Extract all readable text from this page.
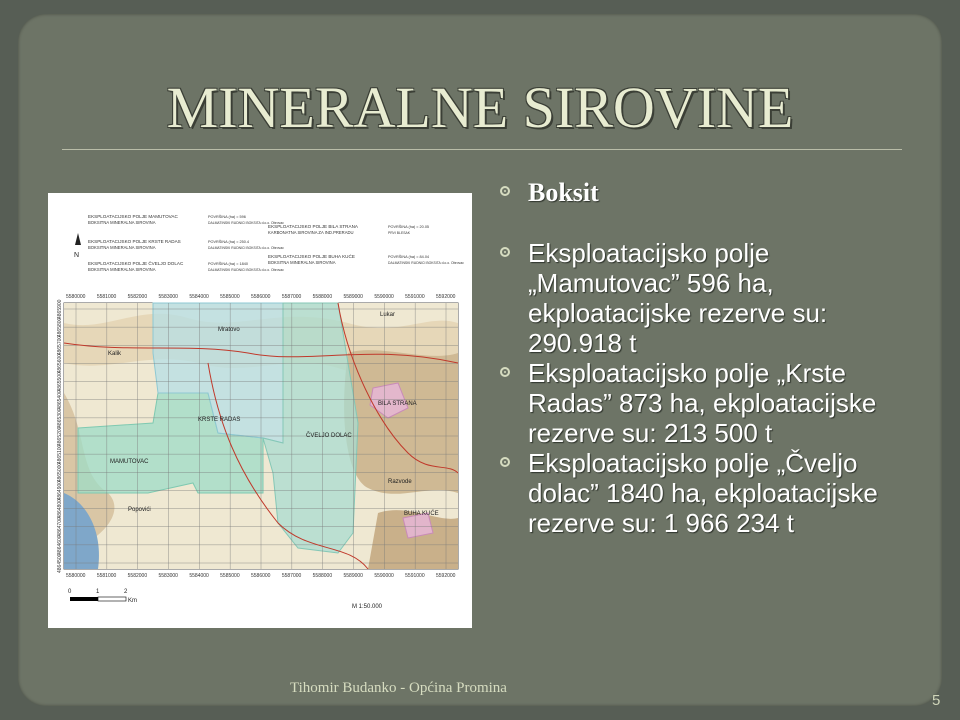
MINERALNE SIROVINE
EKSPLOATACIJSKO POLJE MAMUTOVAC
BOKSITNA MINERALNA SIROVINA
POVRŠINA (ha) = 596
DALMATINSKI RUDNICI BOKSITA d.o.o. Obrovac
EKSPLOATACIJSKO POLJE KRSTE RADAS
BOKSITNA MINERALNA SIROVINA
POVRŠINA (ha) = 250.4
DALMATINSKI RUDNICI BOKSITA d.o.o. Obrovac
EKSPLOATACIJSKO POLJE ČVELJO DOLAC
BOKSITNA MINERALNA SIROVINA
POVRŠINA (ha) = 1840
DALMATINSKI RUDNICI BOKSITA d.o.o. Obrovac
EKSPLOATACIJSKO POLJE BILA STRANA
KARBONATNA SIROVINA ZA IND.PRERADU
POVRŠINA (ha) = 20.05
PRVI BLESAK
EKSPLOATACIJSKO POLJE BUHA KUĆE
BOKSITNA MINERALNA SIROVINA
POVRŠINA (ha) = 84.04
DALMATINSKI RUDNICI BOKSITA d.o.o. Obrovac
N
5580000 5581000 5582000 5583000 5584000 5585000 5586000 5587000 5588000 5589000 5590000 5591000 5592000
5580000 5581000 5582000 5583000 5584000 5585000 5586000 5587000 5588000 5589000 5590000 5591000 5592000
4864500
4864600
4864700
4864800
4864900
4865000
4865100
4865200
4865300
4865400
4865500
4865600
4865700
4865800
4865900
KRSTE RADAS
ČVELJO DOLAC
MAMUTOVAC
BILA STRANA
BUHA KUĆE
Lukar
Kalik
Popovići
Razvode
Mratovo
0	1	2
Km
M 1:50.000
Boksit
Eksploatacijsko polje „Mamutovac” 596 ha, ekploatacijske rezerve su: 290.918 t
Eksploatacijsko polje „Krste Radas” 873 ha, ekploatacijske rezerve su: 213 500 t
Eksploatacijsko polje „Čveljo dolac” 1840 ha, ekploatacijske rezerve su: 1 966 234 t
Tihomir Budanko - Općina Promina
5
